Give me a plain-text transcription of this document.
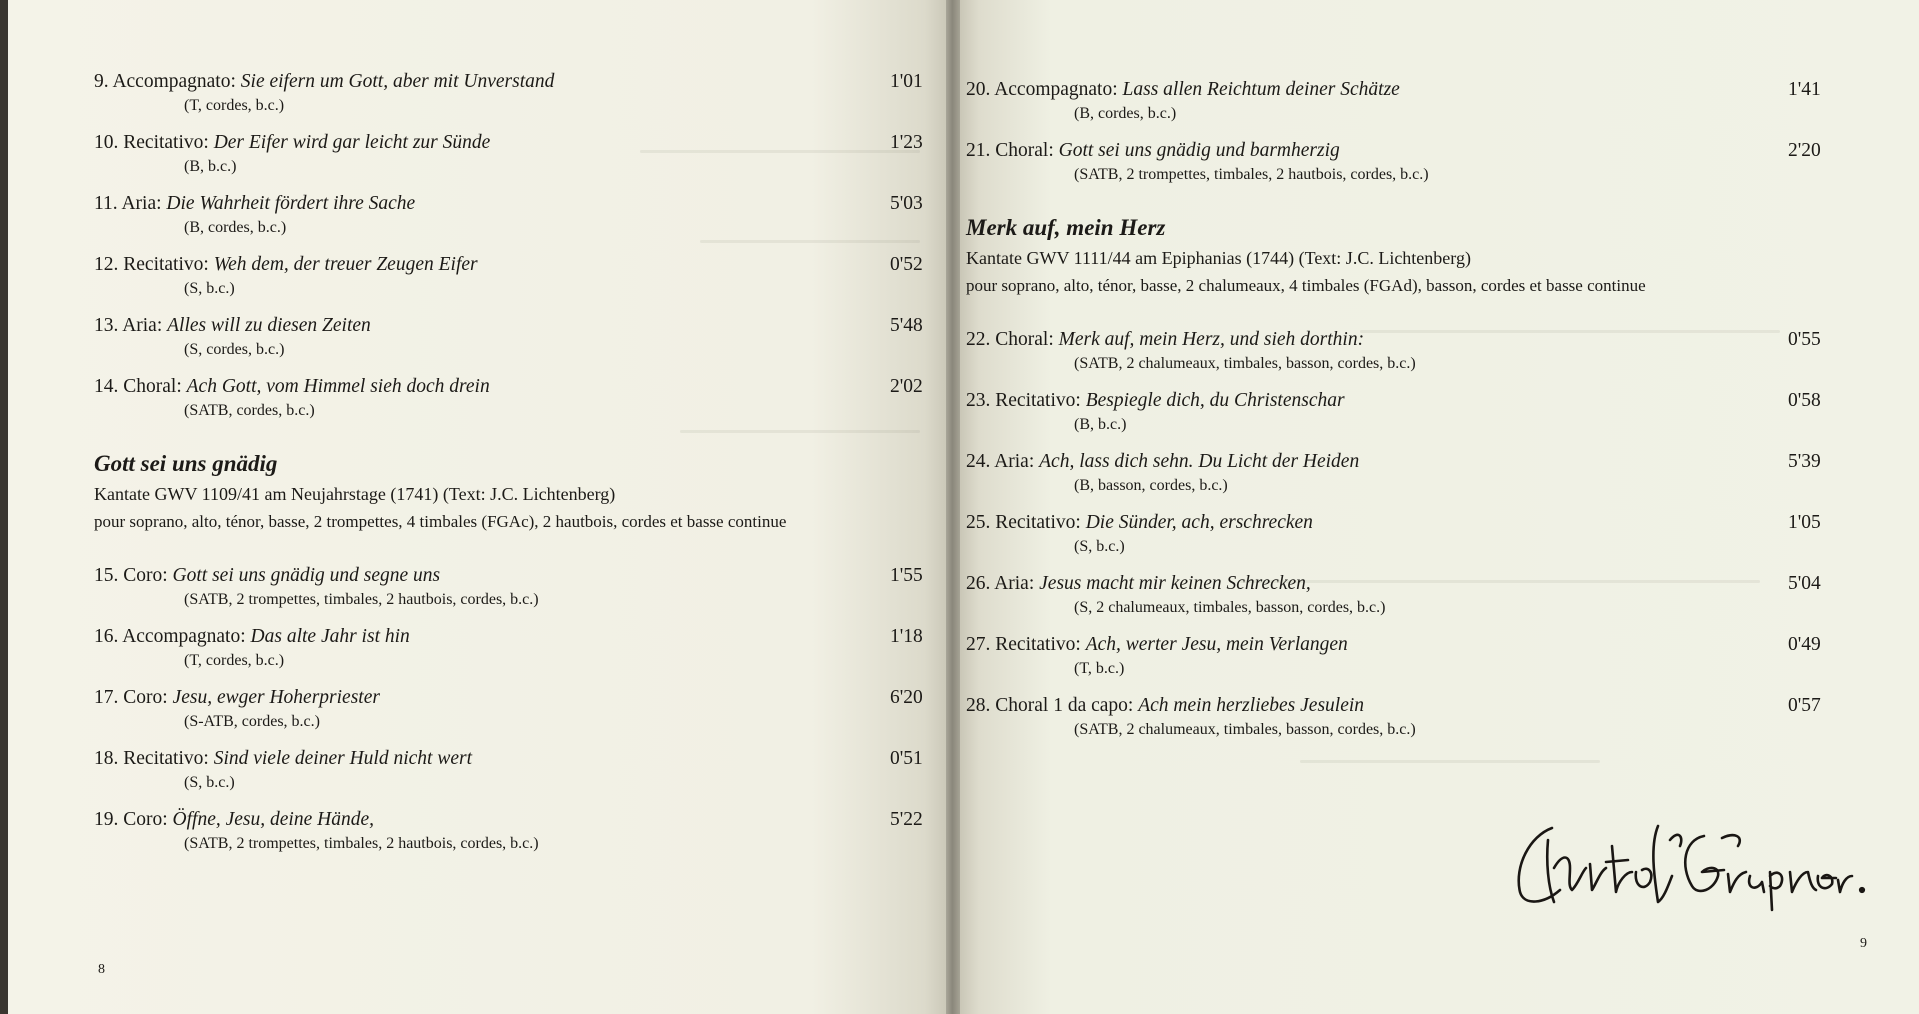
9. Accompagnato: Sie eifern um Gott, aber mit Unverstand	1'01
(T, cordes, b.c.)
10. Recitativo: Der Eifer wird gar leicht zur Sünde	1'23
(B, b.c.)
11. Aria: Die Wahrheit fördert ihre Sache	5'03
(B, cordes, b.c.)
12. Recitativo: Weh dem, der treuer Zeugen Eifer	0'52
(S, b.c.)
13. Aria: Alles will zu diesen Zeiten	5'48
(S, cordes, b.c.)
14. Choral: Ach Gott, vom Himmel sieh doch drein	2'02
(SATB, cordes, b.c.)
Gott sei uns gnädig
Kantate GWV 1109/41 am Neujahrstage (1741) (Text: J.C. Lichtenberg)
pour soprano, alto, ténor, basse, 2 trompettes, 4 timbales (FGAc), 2 hautbois, cordes et basse continue
15. Coro: Gott sei uns gnädig und segne uns	1'55
(SATB, 2 trompettes, timbales, 2 hautbois, cordes, b.c.)
16. Accompagnato: Das alte Jahr ist hin	1'18
(T, cordes, b.c.)
17. Coro: Jesu, ewger Hoherpriester	6'20
(S-ATB, cordes, b.c.)
18. Recitativo: Sind viele deiner Huld nicht wert	0'51
(S, b.c.)
19. Coro: Öffne, Jesu, deine Hände,	5'22
(SATB, 2 trompettes, timbales, 2 hautbois, cordes, b.c.)
20. Accompagnato: Lass allen Reichtum deiner Schätze	1'41
(B, cordes, b.c.)
21. Choral: Gott sei uns gnädig und barmherzig	2'20
(SATB, 2 trompettes, timbales, 2 hautbois, cordes, b.c.)
Merk auf, mein Herz
Kantate GWV 1111/44 am Epiphanias (1744) (Text: J.C. Lichtenberg)
pour soprano, alto, ténor, basse, 2 chalumeaux, 4 timbales (FGAd), basson, cordes et basse continue
22. Choral: Merk auf, mein Herz, und sieh dorthin:	0'55
(SATB, 2 chalumeaux, timbales, basson, cordes, b.c.)
23. Recitativo: Bespiegle dich, du Christenschar	0'58
(B, b.c.)
24. Aria: Ach, lass dich sehn. Du Licht der Heiden	5'39
(B, basson, cordes, b.c.)
25. Recitativo: Die Sünder, ach, erschrecken	1'05
(S, b.c.)
26. Aria: Jesus macht mir keinen Schrecken,	5'04
(S, 2 chalumeaux, timbales, basson, cordes, b.c.)
27. Recitativo: Ach, werter Jesu, mein Verlangen	0'49
(T, b.c.)
28. Choral 1 da capo: Ach mein herzliebes Jesulein	0'57
(SATB, 2 chalumeaux, timbales, basson, cordes, b.c.)
8
9
